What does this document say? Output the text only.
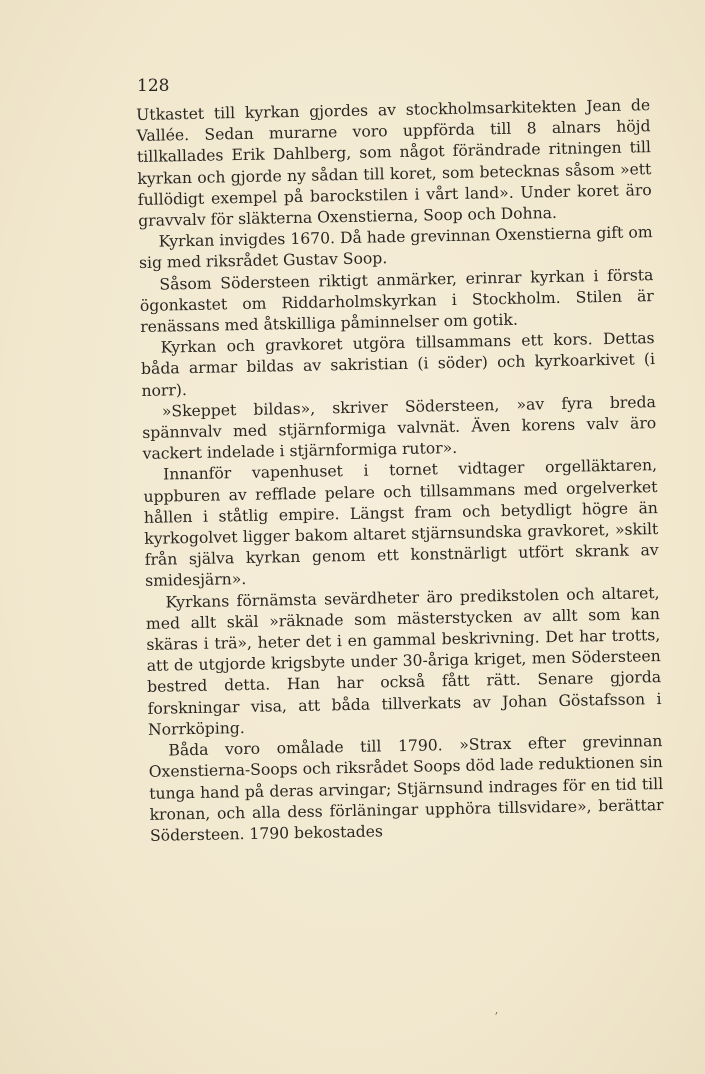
128

Utkastet till kyrkan gjordes av stockholmsarkitekten Jean de Vallée. Sedan murarne voro uppförda till 8 alnars höjd tillkallades Erik Dahlberg, som något förändrade ritningen till kyrkan och gjorde ny sådan till koret, som betecknas såsom »ett fullödigt exempel på barockstilen i vårt land». Under koret äro gravvalv för släkterna Oxenstierna, Soop och Dohna.

Kyrkan invigdes 1670. Då hade grevinnan Oxenstierna gift om sig med riksrådet Gustav Soop.

Såsom Södersteen riktigt anmärker, erinrar kyrkan i första ögonkastet om Riddarholmskyrkan i Stockholm. Stilen är renässans med åtskilliga påminnelser om gotik.

Kyrkan och gravkoret utgöra tillsammans ett kors. Dettas båda armar bildas av sakristian (i söder) och kyrkoarkivet (i norr).

»Skeppet bildas», skriver Södersteen, »av fyra breda spännvalv med stjärnformiga valvnät. Även korens valv äro vackert indelade i stjärnformiga rutor».

Innanför vapenhuset i tornet vidtager orgelläktaren, uppburen av refflade pelare och tillsammans med orgelverket hållen i ståtlig empire. Längst fram och betydligt högre än kyrkogolvet ligger bakom altaret stjärnsundska gravkoret, »skilt från själva kyrkan genom ett konstnärligt utfört skrank av smidesjärn».

Kyrkans förnämsta sevärdheter äro predikstolen och altaret, med allt skäl »räknade som mästerstycken av allt som kan skäras i trä», heter det i en gammal beskrivning. Det har trotts, att de utgjorde krigsbyte under 30-åriga kriget, men Södersteen bestred detta. Han har också fått rätt. Senare gjorda forskningar visa, att båda tillverkats av Johan Göstafsson i Norrköping.

Båda voro omålade till 1790. »Strax efter grevinnan Oxenstierna-Soops och riksrådet Soops död lade reduktionen sin tunga hand på deras arvingar; Stjärnsund indrages för en tid till kronan, och alla dess förläningar upphöra tillsvidare», berättar Södersteen. 1790 bekostades

ʼ
